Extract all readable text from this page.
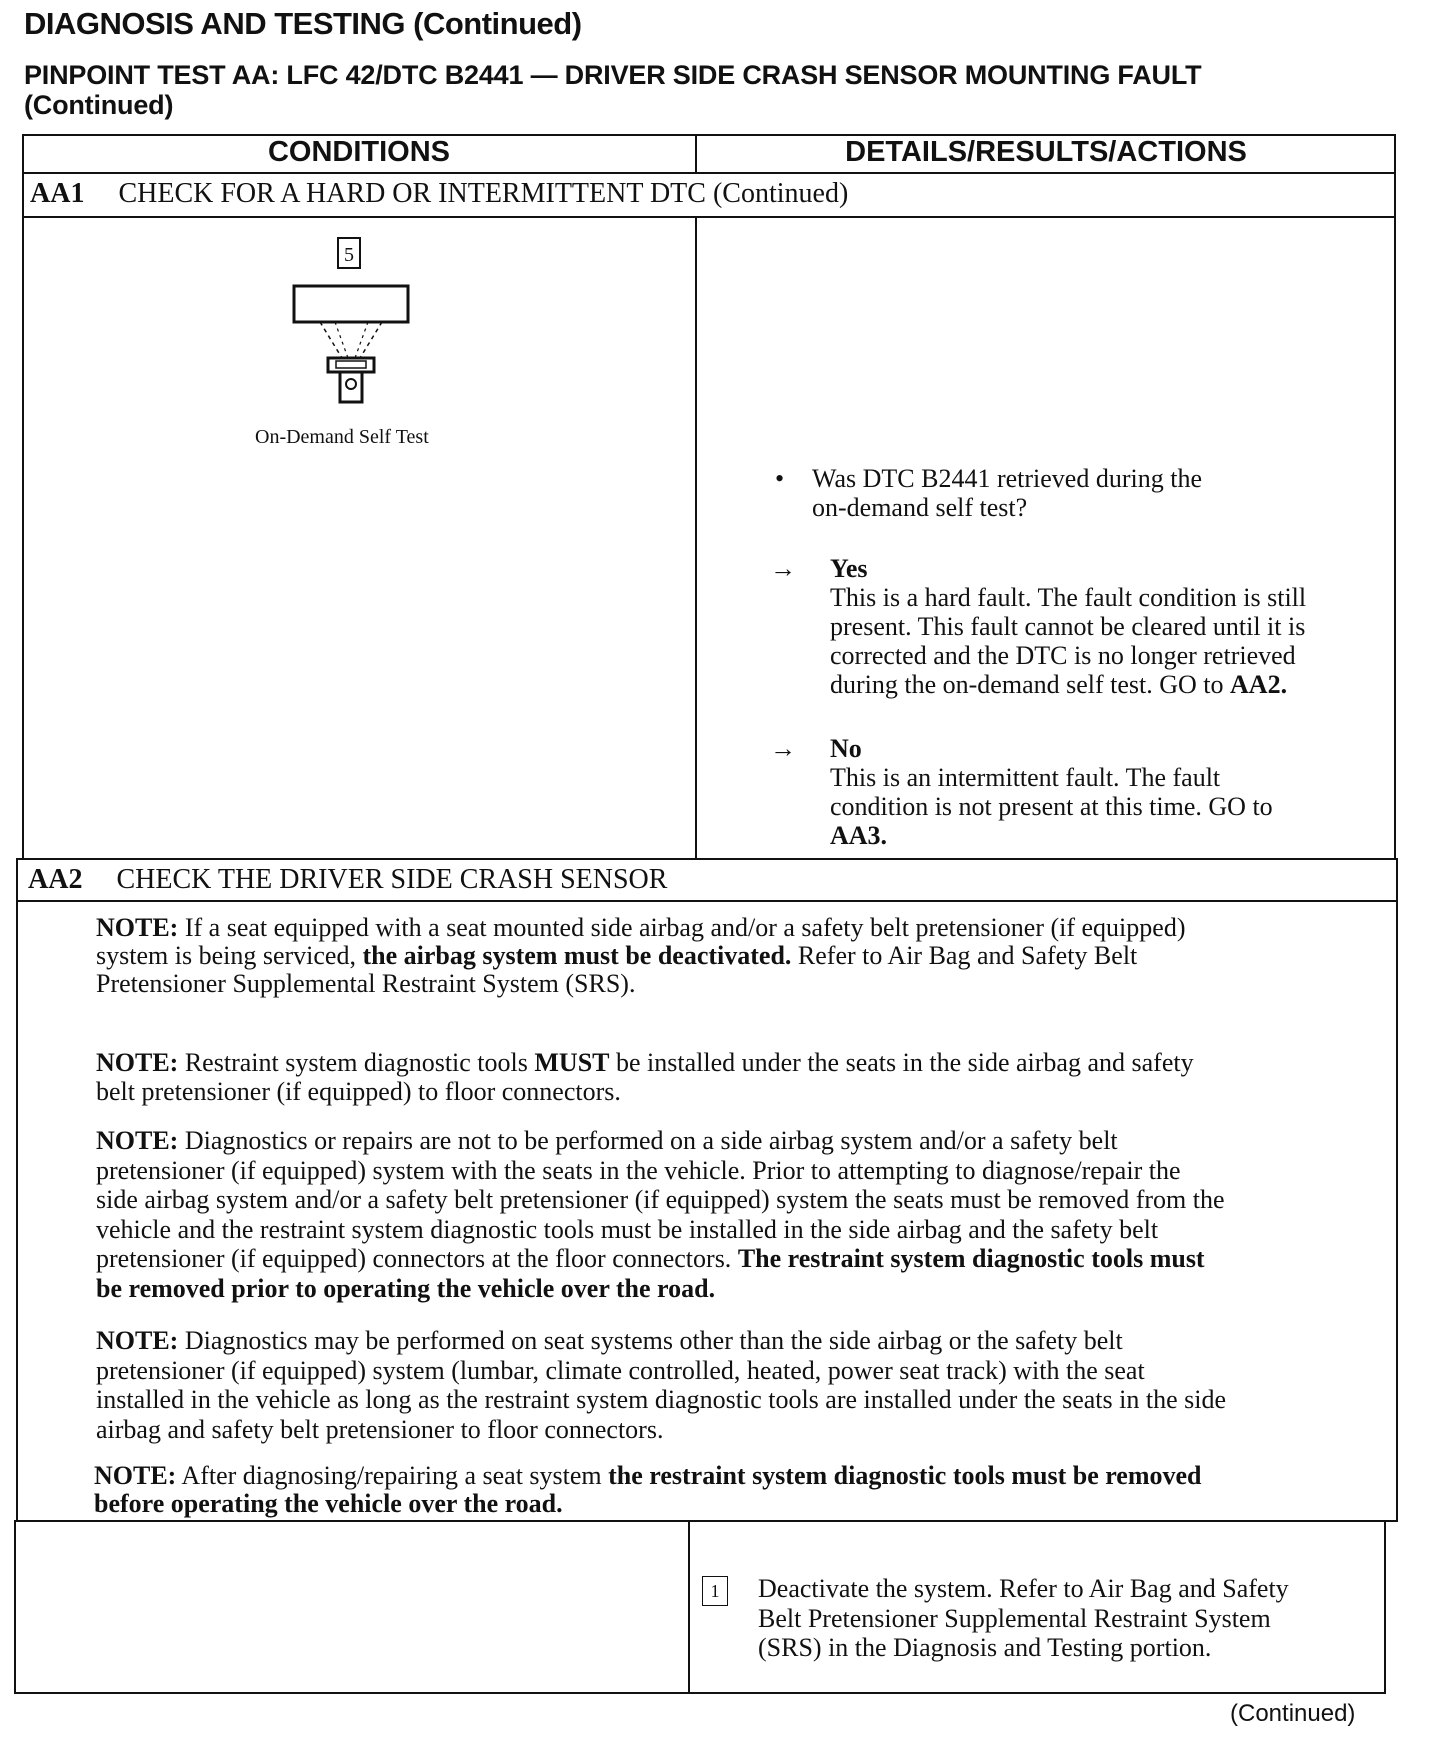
DIAGNOSIS AND TESTING (Continued)
PINPOINT TEST AA: LFC 42/DTC B2441 — DRIVER SIDE CRASH SENSOR MOUNTING FAULT
(Continued)
CONDITIONS	DETAILS/RESULTS/ACTIONS
AA1 CHECK FOR A HARD OR INTERMITTENT DTC (Continued)
5
On-Demand Self Test
• Was DTC B2441 retrieved during the
on-demand self test?
→ Yes
This is a hard fault. The fault condition is still
present. This fault cannot be cleared until it is
corrected and the DTC is no longer retrieved
during the on-demand self test. GO to AA2.
→ No
This is an intermittent fault. The fault
condition is not present at this time. GO to
AA3.
AA2 CHECK THE DRIVER SIDE CRASH SENSOR
NOTE: If a seat equipped with a seat mounted side airbag and/or a safety belt pretensioner (if equipped)
system is being serviced, the airbag system must be deactivated. Refer to Air Bag and Safety Belt
Pretensioner Supplemental Restraint System (SRS).
NOTE: Restraint system diagnostic tools MUST be installed under the seats in the side airbag and safety
belt pretensioner (if equipped) to floor connectors.
NOTE: Diagnostics or repairs are not to be performed on a side airbag system and/or a safety belt
pretensioner (if equipped) system with the seats in the vehicle. Prior to attempting to diagnose/repair the
side airbag system and/or a safety belt pretensioner (if equipped) system the seats must be removed from the
vehicle and the restraint system diagnostic tools must be installed in the side airbag and the safety belt
pretensioner (if equipped) connectors at the floor connectors. The restraint system diagnostic tools must
be removed prior to operating the vehicle over the road.
NOTE: Diagnostics may be performed on seat systems other than the side airbag or the safety belt
pretensioner (if equipped) system (lumbar, climate controlled, heated, power seat track) with the seat
installed in the vehicle as long as the restraint system diagnostic tools are installed under the seats in the side
airbag and safety belt pretensioner to floor connectors.
NOTE: After diagnosing/repairing a seat system the restraint system diagnostic tools must be removed
before operating the vehicle over the road.
1	Deactivate the system. Refer to Air Bag and Safety
Belt Pretensioner Supplemental Restraint System
(SRS) in the Diagnosis and Testing portion.
(Continued)
